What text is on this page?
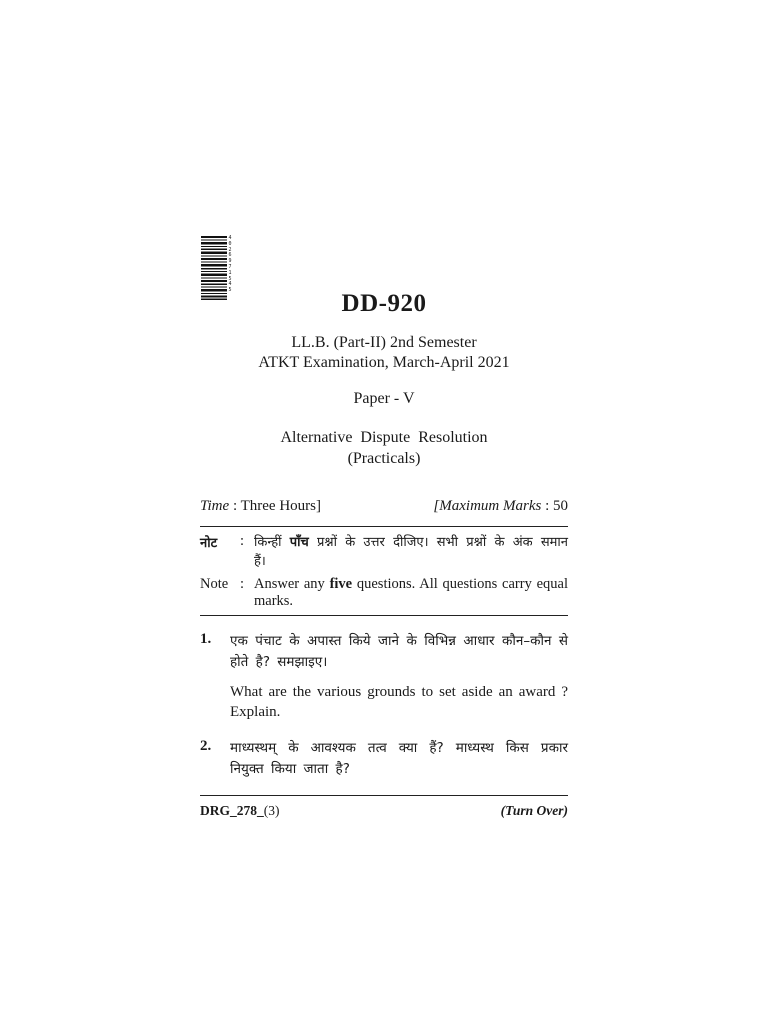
4
0
2
6
9
7
1
5
4
5	DD-920
LL.B. (Part-II) 2nd Semester
ATKT Examination, March-April 2021
Paper - V
Alternative Dispute Resolution
(Practicals)
Time : Three Hours]	[Maximum Marks : 50
नोट	: किन्हीं पाँच प्रश्नों के उत्तर दीजिए। सभी प्रश्नों के अंक समान हैं।
Note : Answer any five questions. All questions carry equal marks.
1.	एक पंचाट के अपास्त किये जाने के विभिन्न आधार कौन–कौन से होते है? समझाइए।

What are the various grounds to set aside an award ? Explain.

2.	माध्यस्थम् के आवश्यक तत्व क्या हैं? माध्यस्थ किस प्रकार नियुक्त किया जाता है?

DRG_278_(3)	(Turn Over)
